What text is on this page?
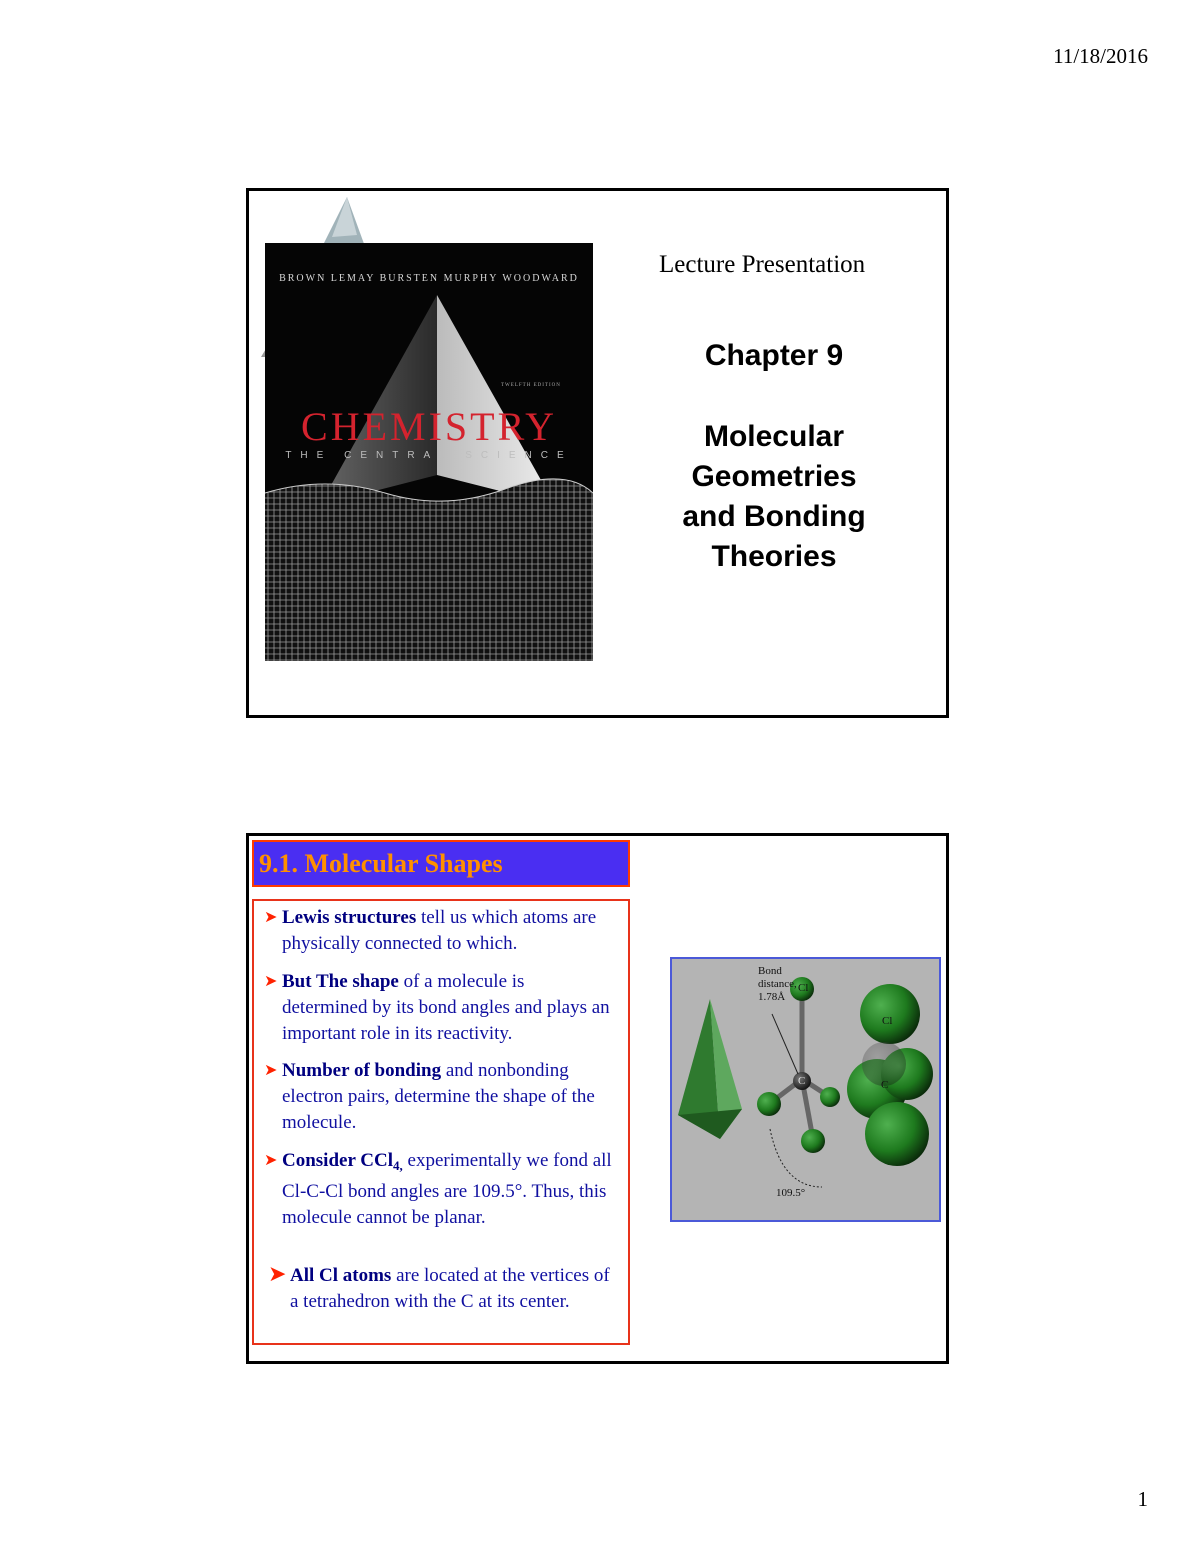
11/18/2016
BROWN LEMAY BURSTEN MURPHY WOODWARD
TWELFTH EDITION
CHEMISTRY
THE CENTRAL SCIENCE
Lecture Presentation
Chapter 9
Molecular
Geometries
and Bonding
Theories
9.1. Molecular Shapes
➤ Lewis structures tell us which atoms are physically connected to which.
➤ But The shape of a molecule is determined by its bond angles and plays an important role in its reactivity.
➤ Number of bonding and nonbonding electron pairs, determine the shape of the molecule.
➤ Consider CCl$_{4,}$ experimentally we fond all Cl-C-Cl bond angles are 109.5°. Thus, this molecule cannot be planar.
➤ All Cl atoms are located at the vertices of a tetrahedron with the C at its center.
Bond distance, 1.78Å
109.5°
Cl
C
Cl
C
1
